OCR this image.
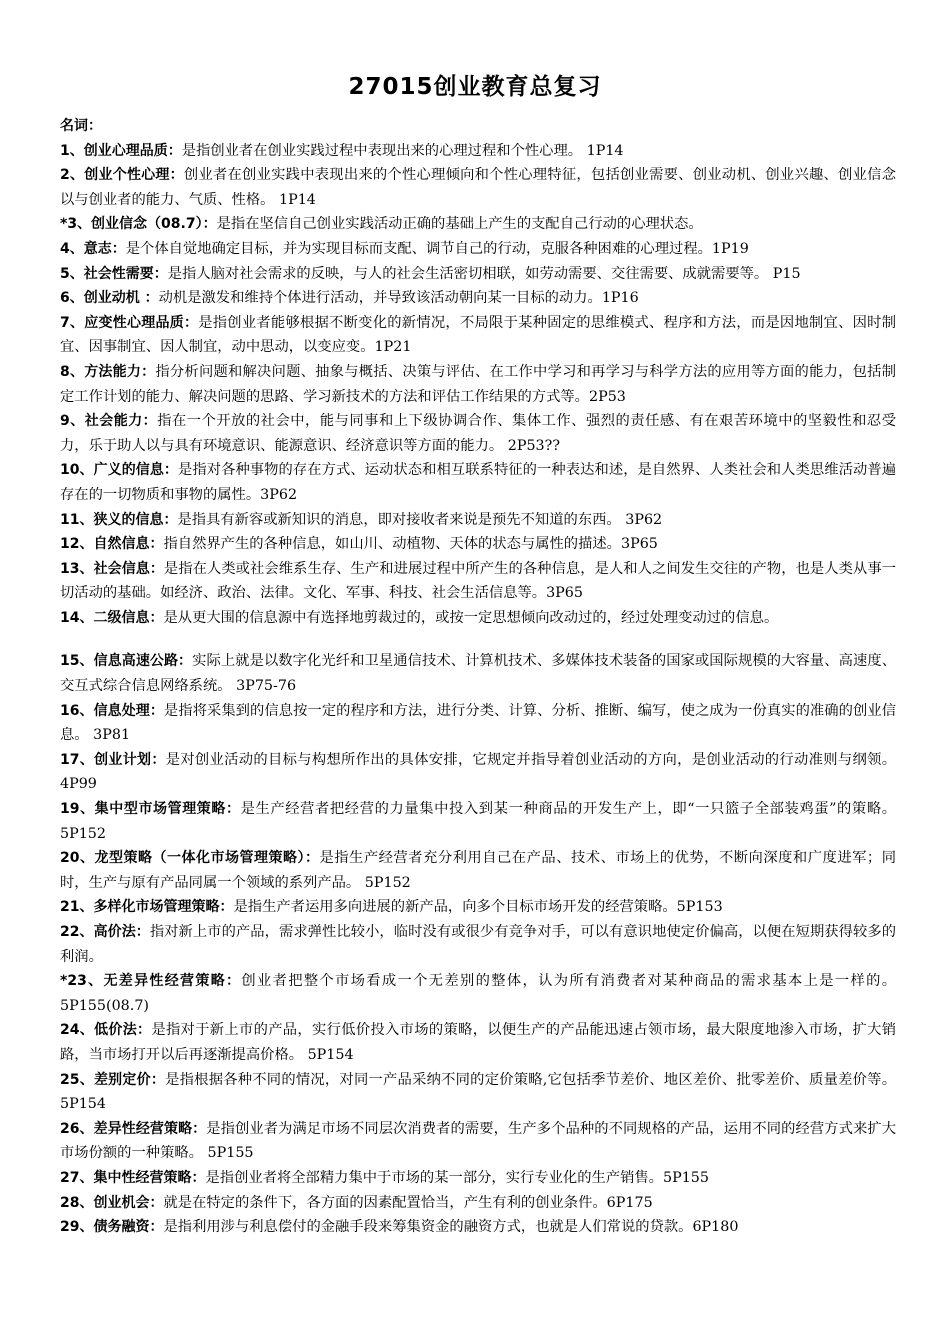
27015创业教育总复习
名词：

1、创业心理品质：是指创业者在创业实践过程中表现出来的心理过程和个性心理。 1P14

2、创业个性心理：创业者在创业实践中表现出来的个性心理倾向和个性心理特征，包括创业需要、创业动机、创业兴趣、创业信念以与创业者的能力、气质、性格。 1P14

*3、创业信念（08.7）：是指在坚信自己创业实践活动正确的基础上产生的支配自己行动的心理状态。

4、意志：是个体自觉地确定目标，并为实现目标而支配、调节自己的行动，克服各种困难的心理过程。1P19

5、社会性需要：是指人脑对社会需求的反映，与人的社会生活密切相联，如劳动需要、交往需要、成就需要等。 P15

6、创业动机 ：动机是激发和维持个体进行活动，并导致该活动朝向某一目标的动力。1P16

7、应变性心理品质：是指创业者能够根据不断变化的新情况，不局限于某种固定的思维模式、程序和方法，而是因地制宜、因时制宜、因事制宜、因人制宜，动中思动，以变应变。1P21

8、方法能力：指分析问题和解决问题、抽象与概括、决策与评估、在工作中学习和再学习与科学方法的应用等方面的能力，包括制定工作计划的能力、解决问题的思路、学习新技术的方法和评估工作结果的方式等。2P53

9、社会能力：指在一个开放的社会中，能与同事和上下级协调合作、集体工作、强烈的责任感、有在艰苦环境中的坚毅性和忍受力，乐于助人以与具有环境意识、能源意识、经济意识等方面的能力。 2P53??

10、广义的信息：是指对各种事物的存在方式、运动状态和相互联系特征的一种表达和述，是自然界、人类社会和人类思维活动普遍存在的一切物质和事物的属性。3P62

11、狭义的信息：是指具有新容或新知识的消息，即对接收者来说是预先不知道的东西。 3P62

12、自然信息：指自然界产生的各种信息，如山川、动植物、天体的状态与属性的描述。3P65

13、社会信息：是指在人类或社会维系生存、生产和进展过程中所产生的各种信息，是人和人之间发生交往的产物，也是人类从事一切活动的基础。如经济、政治、法律。文化、军事、科技、社会生活信息等。3P65

14、二级信息：是从更大围的信息源中有选择地剪裁过的，或按一定思想倾向改动过的，经过处理变动过的信息。

15、信息高速公路：实际上就是以数字化光纤和卫星通信技术、计算机技术、多媒体技术装备的国家或国际规模的大容量、高速度、交互式综合信息网络系统。 3P75-76

16、信息处理：是指将采集到的信息按一定的程序和方法，进行分类、计算、分析、推断、编写，使之成为一份真实的准确的创业信息。 3P81

17、创业计划：是对创业活动的目标与构想所作出的具体安排，它规定并指导着创业活动的方向，是创业活动的行动准则与纲领。4P99

19、集中型市场管理策略：是生产经营者把经营的力量集中投入到某一种商品的开发生产上，即“一只篮子全部装鸡蛋”的策略。 5P152

20、龙型策略（一体化市场管理策略）：是指生产经营者充分利用自己在产品、技术、市场上的优势，不断向深度和广度进军；同时，生产与原有产品同属一个领域的系列产品。 5P152

21、多样化市场管理策略：是指生产者运用多向进展的新产品，向多个目标市场开发的经营策略。5P153

22、高价法：指对新上市的产品，需求弹性比较小，临时没有或很少有竞争对手，可以有意识地使定价偏高，以便在短期获得较多的利润。

*23、无差异性经营策略：创业者把整个市场看成一个无差别的整体，认为所有消费者对某种商品的需求基本上是一样的。5P155(08.7)

24、低价法：是指对于新上市的产品，实行低价投入市场的策略，以便生产的产品能迅速占领市场，最大限度地渗入市场，扩大销路，当市场打开以后再逐渐提高价格。 5P154

25、差别定价：是指根据各种不同的情况，对同一产品采纳不同的定价策略,它包括季节差价、地区差价、批零差价、质量差价等。 5P154

26、差异性经营策略：是指创业者为满足市场不同层次消费者的需要，生产多个品种的不同规格的产品，运用不同的经营方式来扩大市场份额的一种策略。 5P155

27、集中性经营策略：是指创业者将全部精力集中于市场的某一部分，实行专业化的生产销售。5P155

28、创业机会：就是在特定的条件下，各方面的因素配置恰当，产生有利的创业条件。6P175

29、债务融资：是指利用涉与利息偿付的金融手段来筹集资金的融资方式，也就是人们常说的贷款。6P180
